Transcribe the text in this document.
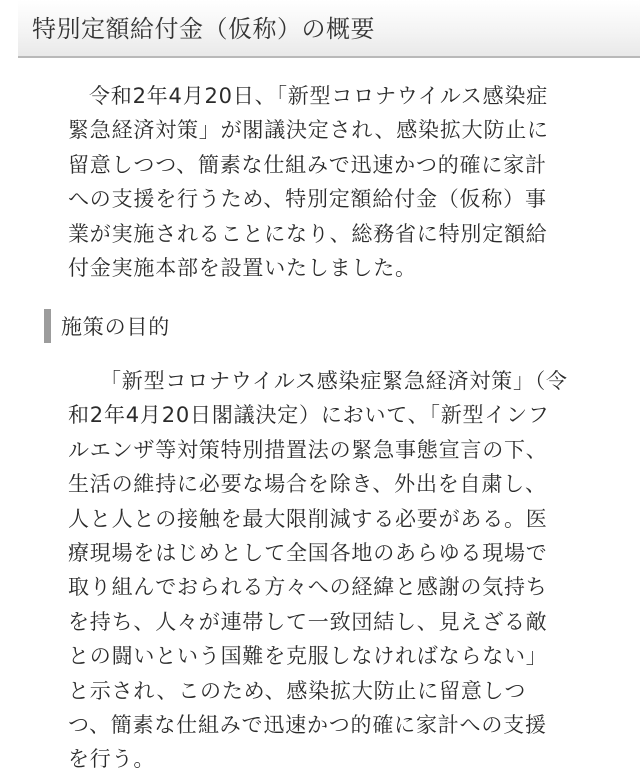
特別定額給付金（仮称）の概要

令和2年4月20日、「新型コロナウイルス感染症緊急経済対策」が閣議決定され、感染拡大防止に留意しつつ、簡素な仕組みで迅速かつ的確に家計への支援を行うため、特別定額給付金（仮称）事業が実施されることになり、総務省に特別定額給付金実施本部を設置いたしました。

施策の目的

「新型コロナウイルス感染症緊急経済対策」（令和2年4月20日閣議決定）において、「新型インフルエンザ等対策特別措置法の緊急事態宣言の下、生活の維持に必要な場合を除き、外出を自粛し、人と人との接触を最大限削減する必要がある。医療現場をはじめとして全国各地のあらゆる現場で取り組んでおられる方々への経緯と感謝の気持ちを持ち、人々が連帯して一致団結し、見えざる敵との闘いという国難を克服しなければならない」と示され、このため、感染拡大防止に留意しつつ、簡素な仕組みで迅速かつ的確に家計への支援を行う。
